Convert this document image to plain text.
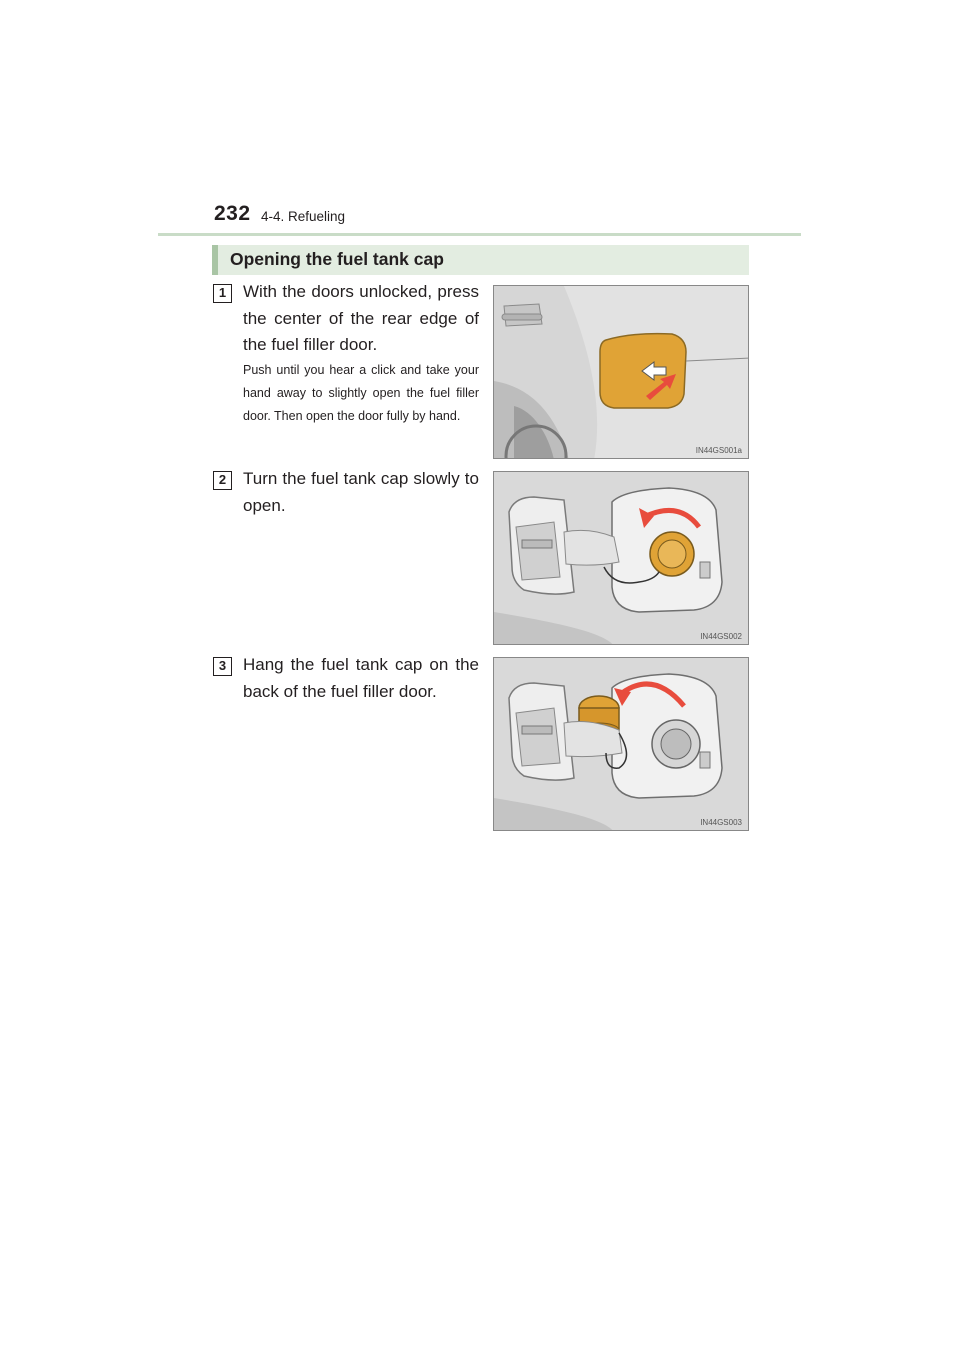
232 4-4. Refueling
Opening the fuel tank cap
1 With the doors unlocked, press the center of the rear edge of the fuel filler door.
Push until you hear a click and take your hand away to slightly open the fuel filler door. Then open the door fully by hand.
IN44GS001a
2 Turn the fuel tank cap slowly to open.
IN44GS002
3 Hang the fuel tank cap on the back of the fuel filler door.
IN44GS003
